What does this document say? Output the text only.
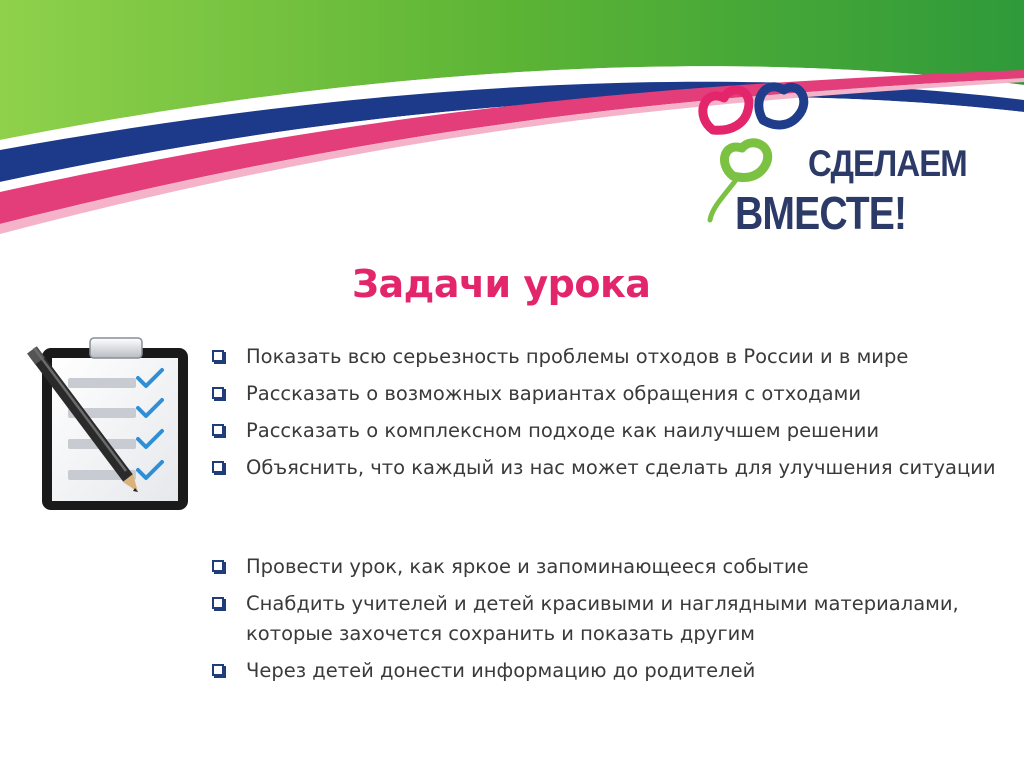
СДЕЛАЕМ
ВМЕСТЕ!
Задачи урока
Показать всю серьезность проблемы отходов в России и в мире
Рассказать о возможных вариантах обращения с отходами
Рассказать о комплексном подходе как наилучшем решении
Объяснить, что каждый из нас может сделать для улучшения ситуации
Провести урок, как яркое и запоминающееся событие
Снабдить учителей и детей красивыми и наглядными материалами, которые захочется сохранить и показать другим
Через детей донести информацию до родителей
